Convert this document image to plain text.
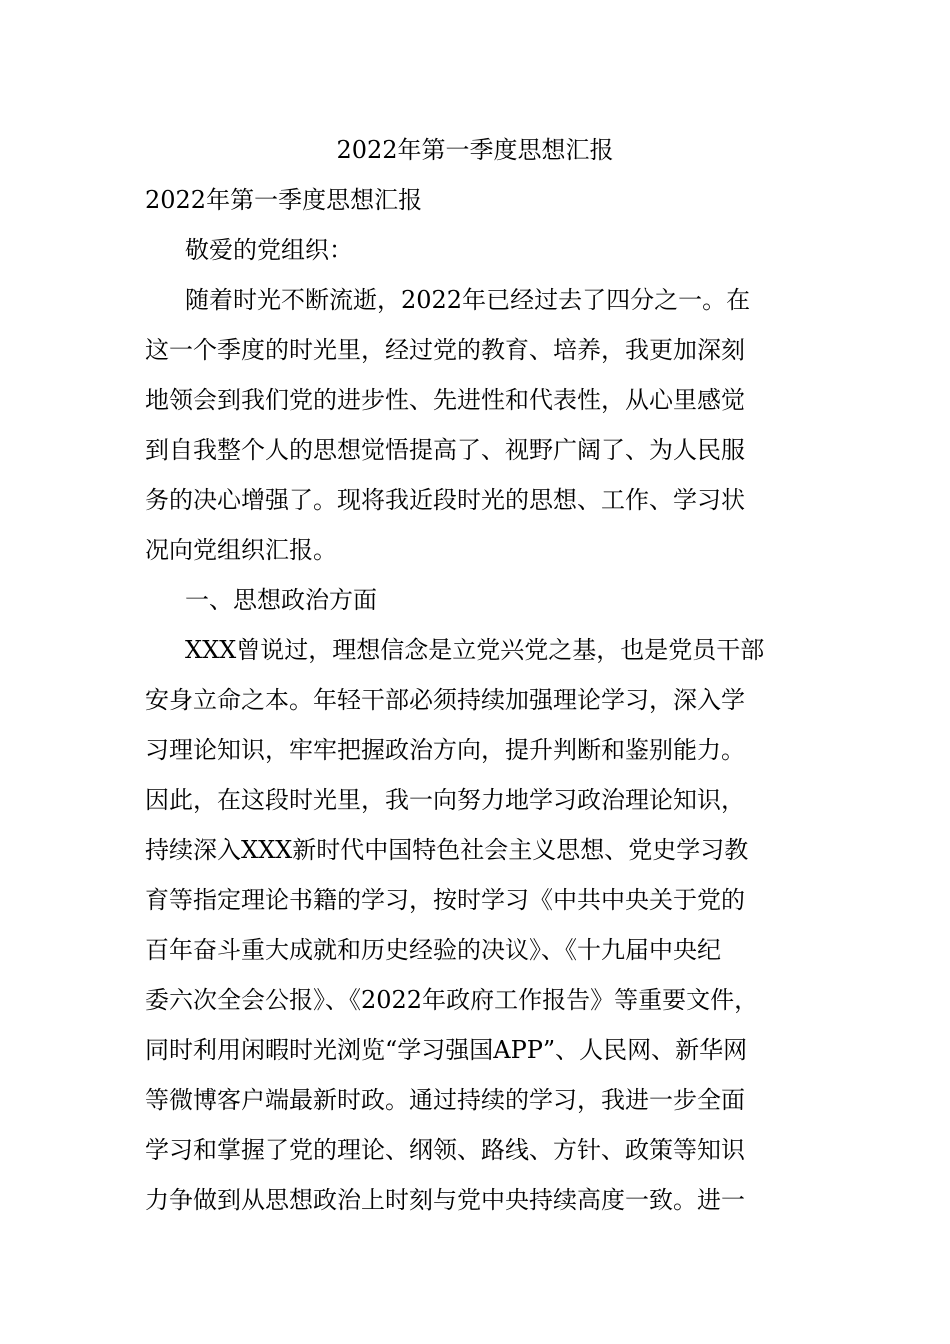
2022年第一季度思想汇报
2022年第一季度思想汇报
敬爱的党组织：
随着时光不断流逝，2022年已经过去了四分之一。在
这一个季度的时光里，经过党的教育、培养，我更加深刻
地领会到我们党的进步性、先进性和代表性，从心里感觉
到自我整个人的思想觉悟提高了、视野广阔了、为人民服
务的决心增强了。现将我近段时光的思想、工作、学习状
况向党组织汇报。
一、思想政治方面
XXX曾说过，理想信念是立党兴党之基，也是党员干部
安身立命之本。年轻干部必须持续加强理论学习，深入学
习理论知识，牢牢把握政治方向，提升判断和鉴别能力。
因此，在这段时光里，我一向努力地学习政治理论知识，
持续深入XXX新时代中国特色社会主义思想、党史学习教
育等指定理论书籍的学习，按时学习《中共中央关于党的
百年奋斗重大成就和历史经验的决议》、《十九届中央纪
委六次全会公报》、《2022年政府工作报告》等重要文件，
同时利用闲暇时光浏览“学习强国APP”、人民网、新华网
等微博客户端最新时政。通过持续的学习，我进一步全面
学习和掌握了党的理论、纲领、路线、方针、政策等知识
力争做到从思想政治上时刻与党中央持续高度一致。进一
